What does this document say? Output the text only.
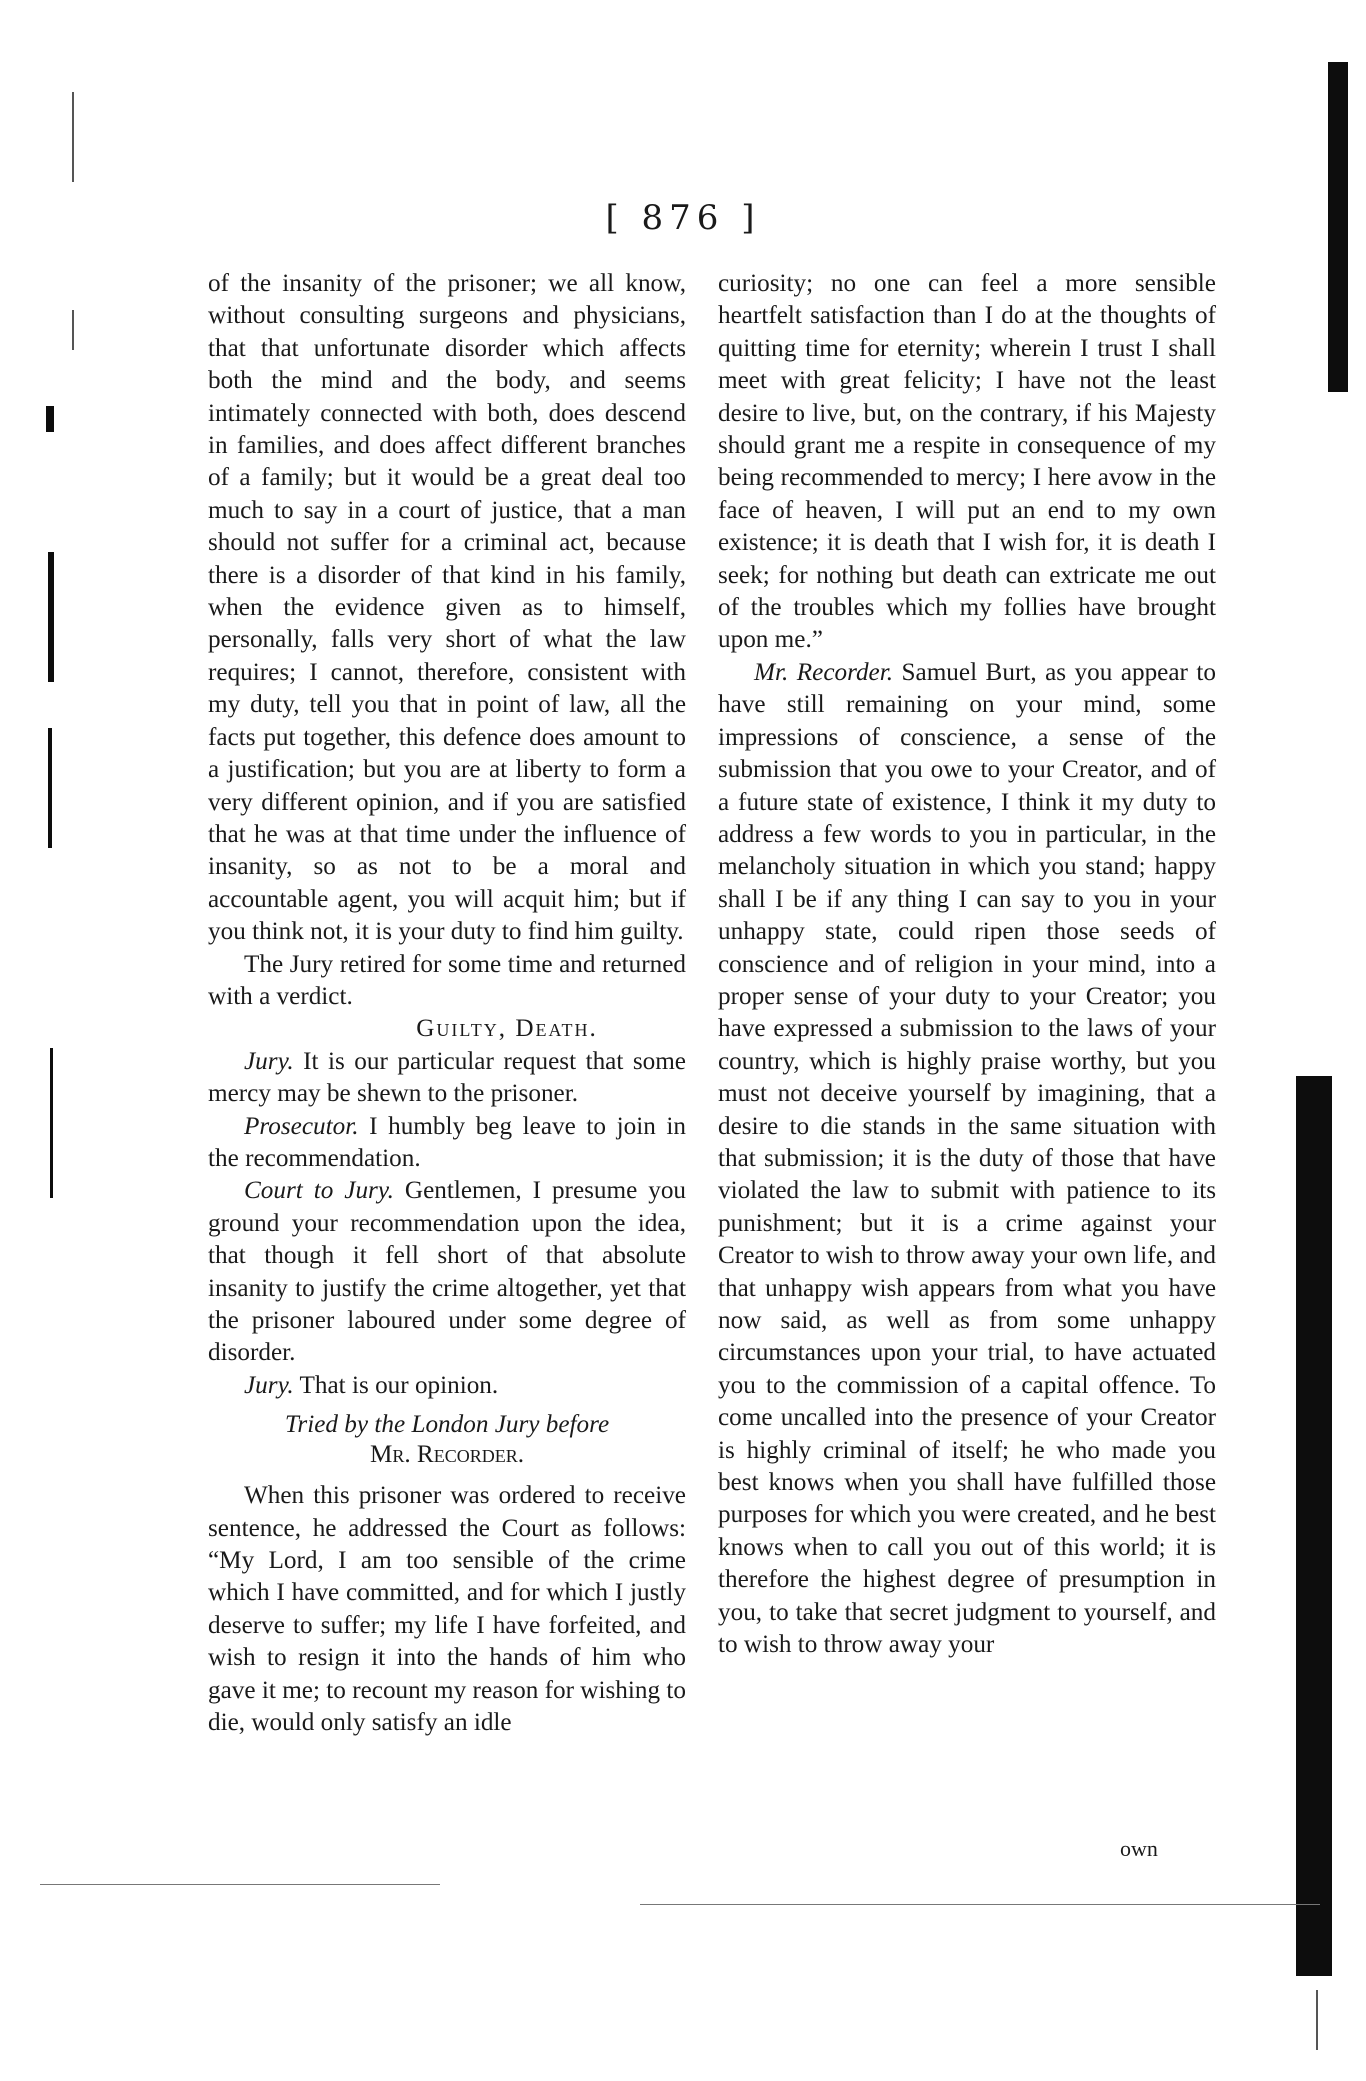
[ 876 ]

of the insanity of the prisoner; we all know, without consulting surgeons and physicians, that that unfortunate disorder which affects both the mind and the body, and seems intimately connected with both, does descend in families, and does affect different branches of a family; but it would be a great deal too much to say in a court of justice, that a man should not suffer for a criminal act, because there is a disorder of that kind in his family, when the evidence given as to himself, personally, falls very short of what the law requires; I cannot, therefore, consistent with my duty, tell you that in point of law, all the facts put together, this defence does amount to a justification; but you are at liberty to form a very different opinion, and if you are satisfied that he was at that time under the influence of insanity, so as not to be a moral and accountable agent, you will acquit him; but if you think not, it is your duty to find him guilty.

The Jury retired for some time and returned with a verdict.

Guilty, Death.

Jury. It is our particular request that some mercy may be shewn to the prisoner.

Prosecutor. I humbly beg leave to join in the recommendation.

Court to Jury. Gentlemen, I presume you ground your recommendation upon the idea, that though it fell short of that absolute insanity to justify the crime altogether, yet that the prisoner laboured under some degree of disorder.

Jury. That is our opinion.

Tried by the London Jury before
Mr. Recorder.

When this prisoner was ordered to receive sentence, he addressed the Court as follows: “My Lord, I am too sensible of the crime which I have committed, and for which I justly deserve to suffer; my life I have forfeited, and wish to resign it into the hands of him who gave it me; to recount my reason for wishing to die, would only satisfy an idle

curiosity; no one can feel a more sensible heartfelt satisfaction than I do at the thoughts of quitting time for eternity; wherein I trust I shall meet with great felicity; I have not the least desire to live, but, on the contrary, if his Majesty should grant me a respite in consequence of my being recommended to mercy; I here avow in the face of heaven, I will put an end to my own existence; it is death that I wish for, it is death I seek; for nothing but death can extricate me out of the troubles which my follies have brought upon me.”

Mr. Recorder. Samuel Burt, as you appear to have still remaining on your mind, some impressions of conscience, a sense of the submission that you owe to your Creator, and of a future state of existence, I think it my duty to address a few words to you in particular, in the melancholy situation in which you stand; happy shall I be if any thing I can say to you in your unhappy state, could ripen those seeds of conscience and of religion in your mind, into a proper sense of your duty to your Creator; you have expressed a submission to the laws of your country, which is highly praise worthy, but you must not deceive yourself by imagining, that a desire to die stands in the same situation with that submission; it is the duty of those that have violated the law to submit with patience to its punishment; but it is a crime against your Creator to wish to throw away your own life, and that unhappy wish appears from what you have now said, as well as from some unhappy circumstances upon your trial, to have actuated you to the commission of a capital offence. To come uncalled into the presence of your Creator is highly criminal of itself; he who made you best knows when you shall have fulfilled those purposes for which you were created, and he best knows when to call you out of this world; it is therefore the highest degree of presumption in you, to take that secret judgment to yourself, and to wish to throw away your

own
